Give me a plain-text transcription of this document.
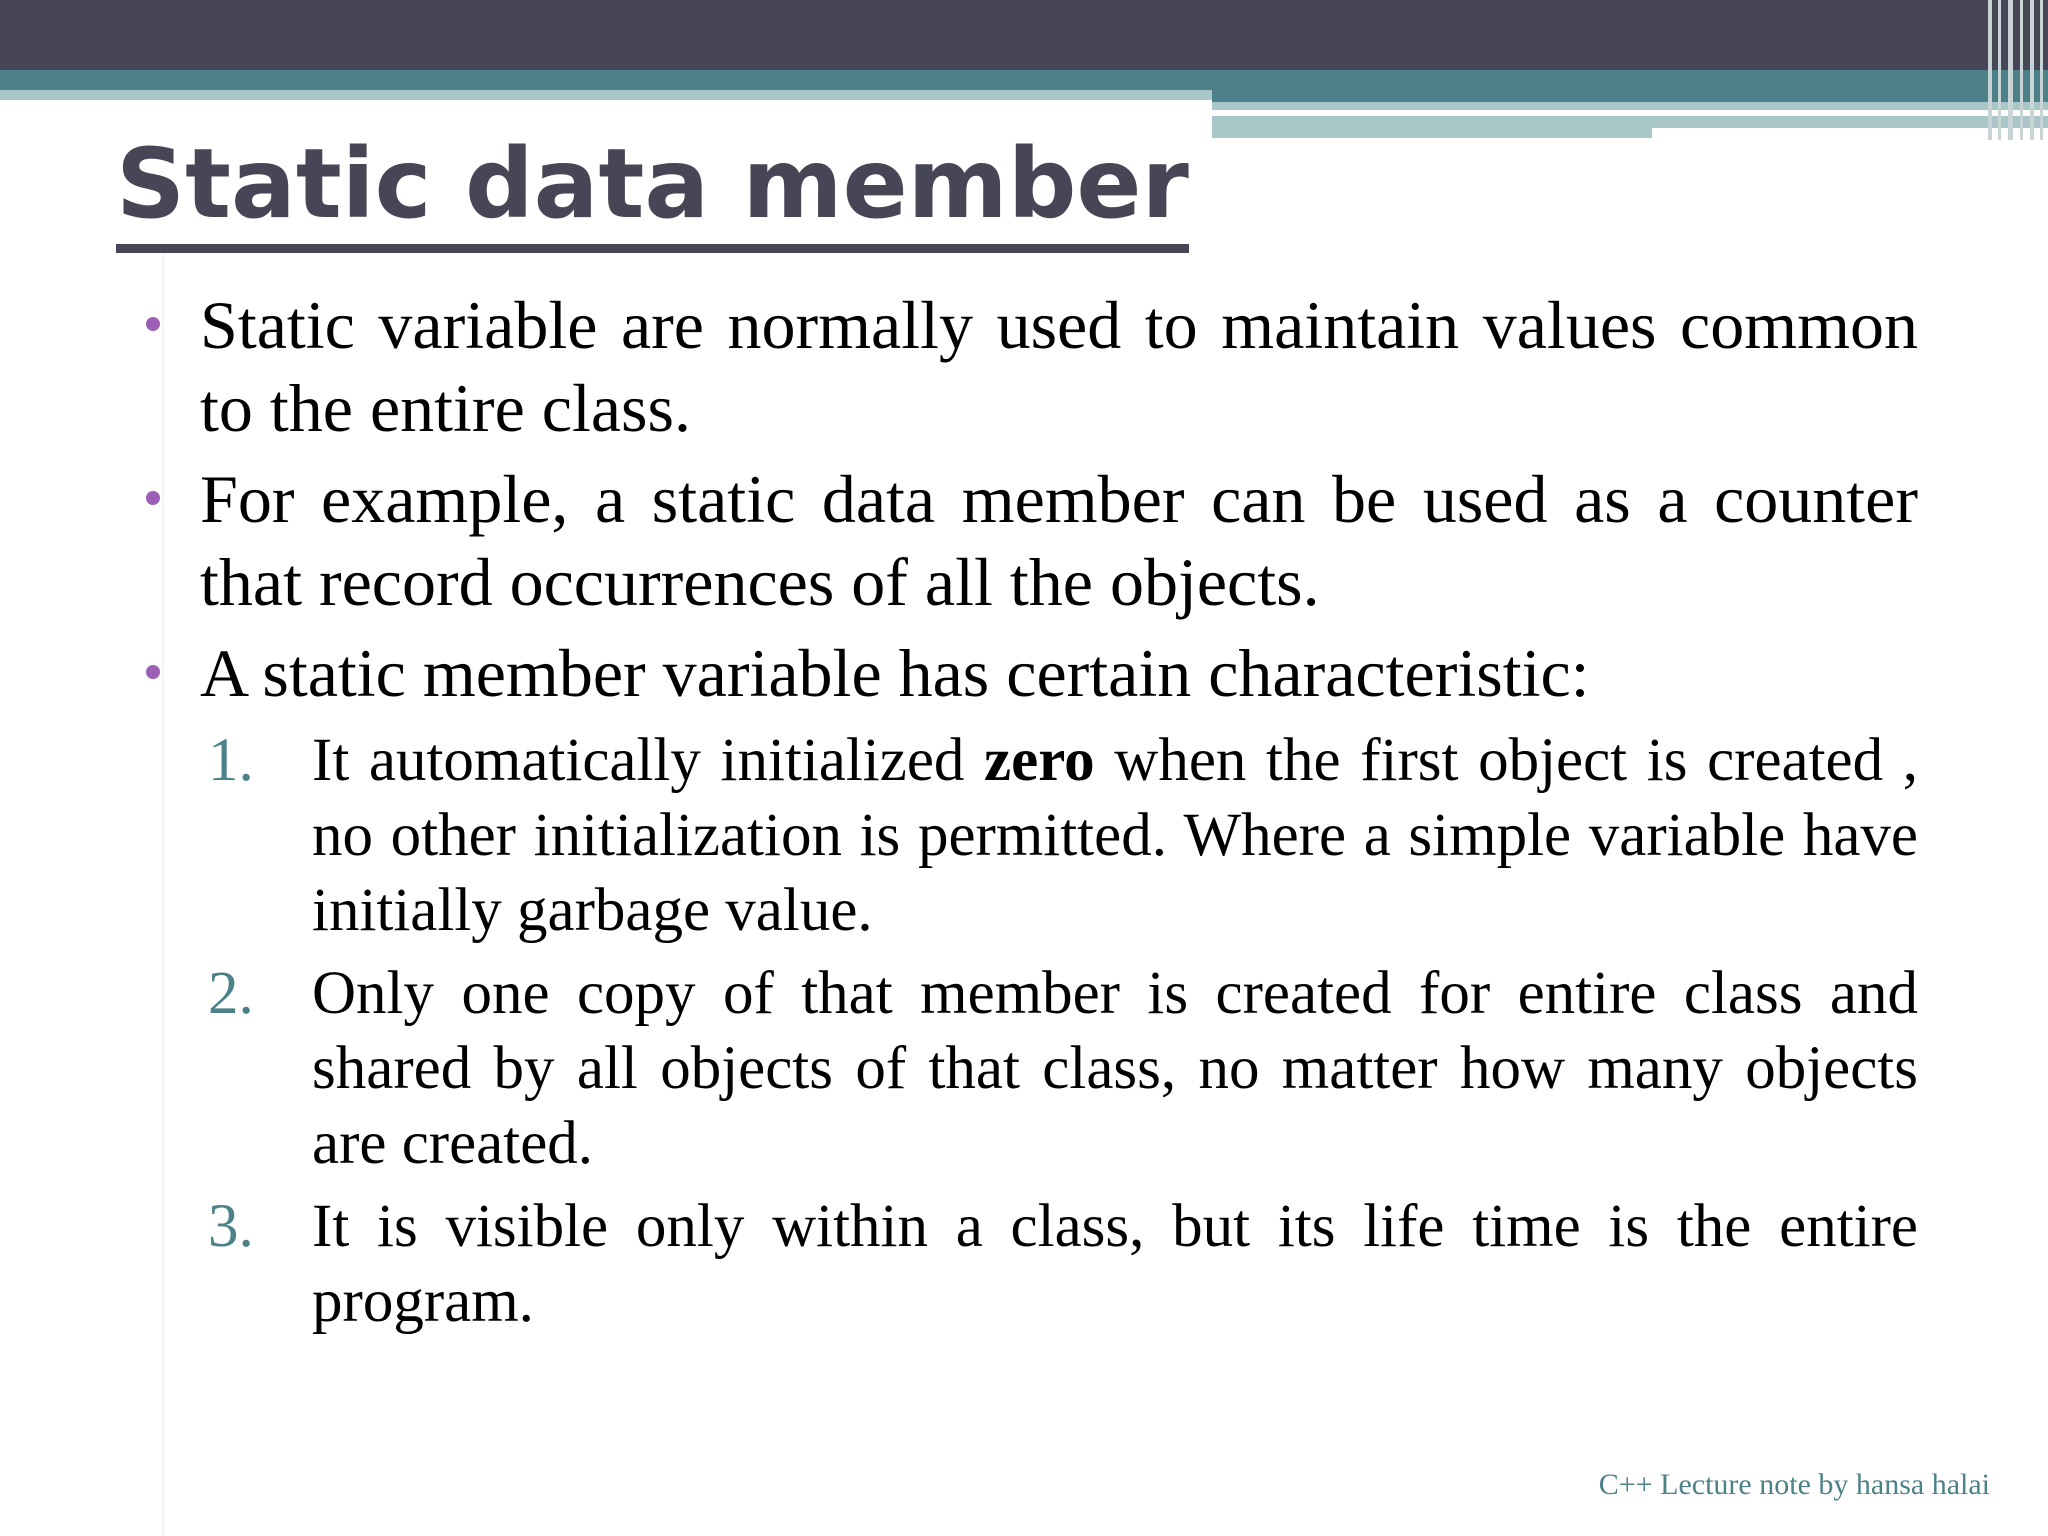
Static data member
Static variable are normally used to maintain values common to the entire class.
For example, a static data member can be used as a counter that record occurrences of all the objects.
A static member variable has certain characteristic:
1. It automatically initialized zero when the first object is created , no other initialization is permitted. Where a simple variable have initially garbage value.
2. Only one copy of that member is created for entire class and shared by all objects of that class, no matter how many objects are created.
3. It is visible only within a class, but its life time is the entire program.
C++ Lecture note by hansa halai
